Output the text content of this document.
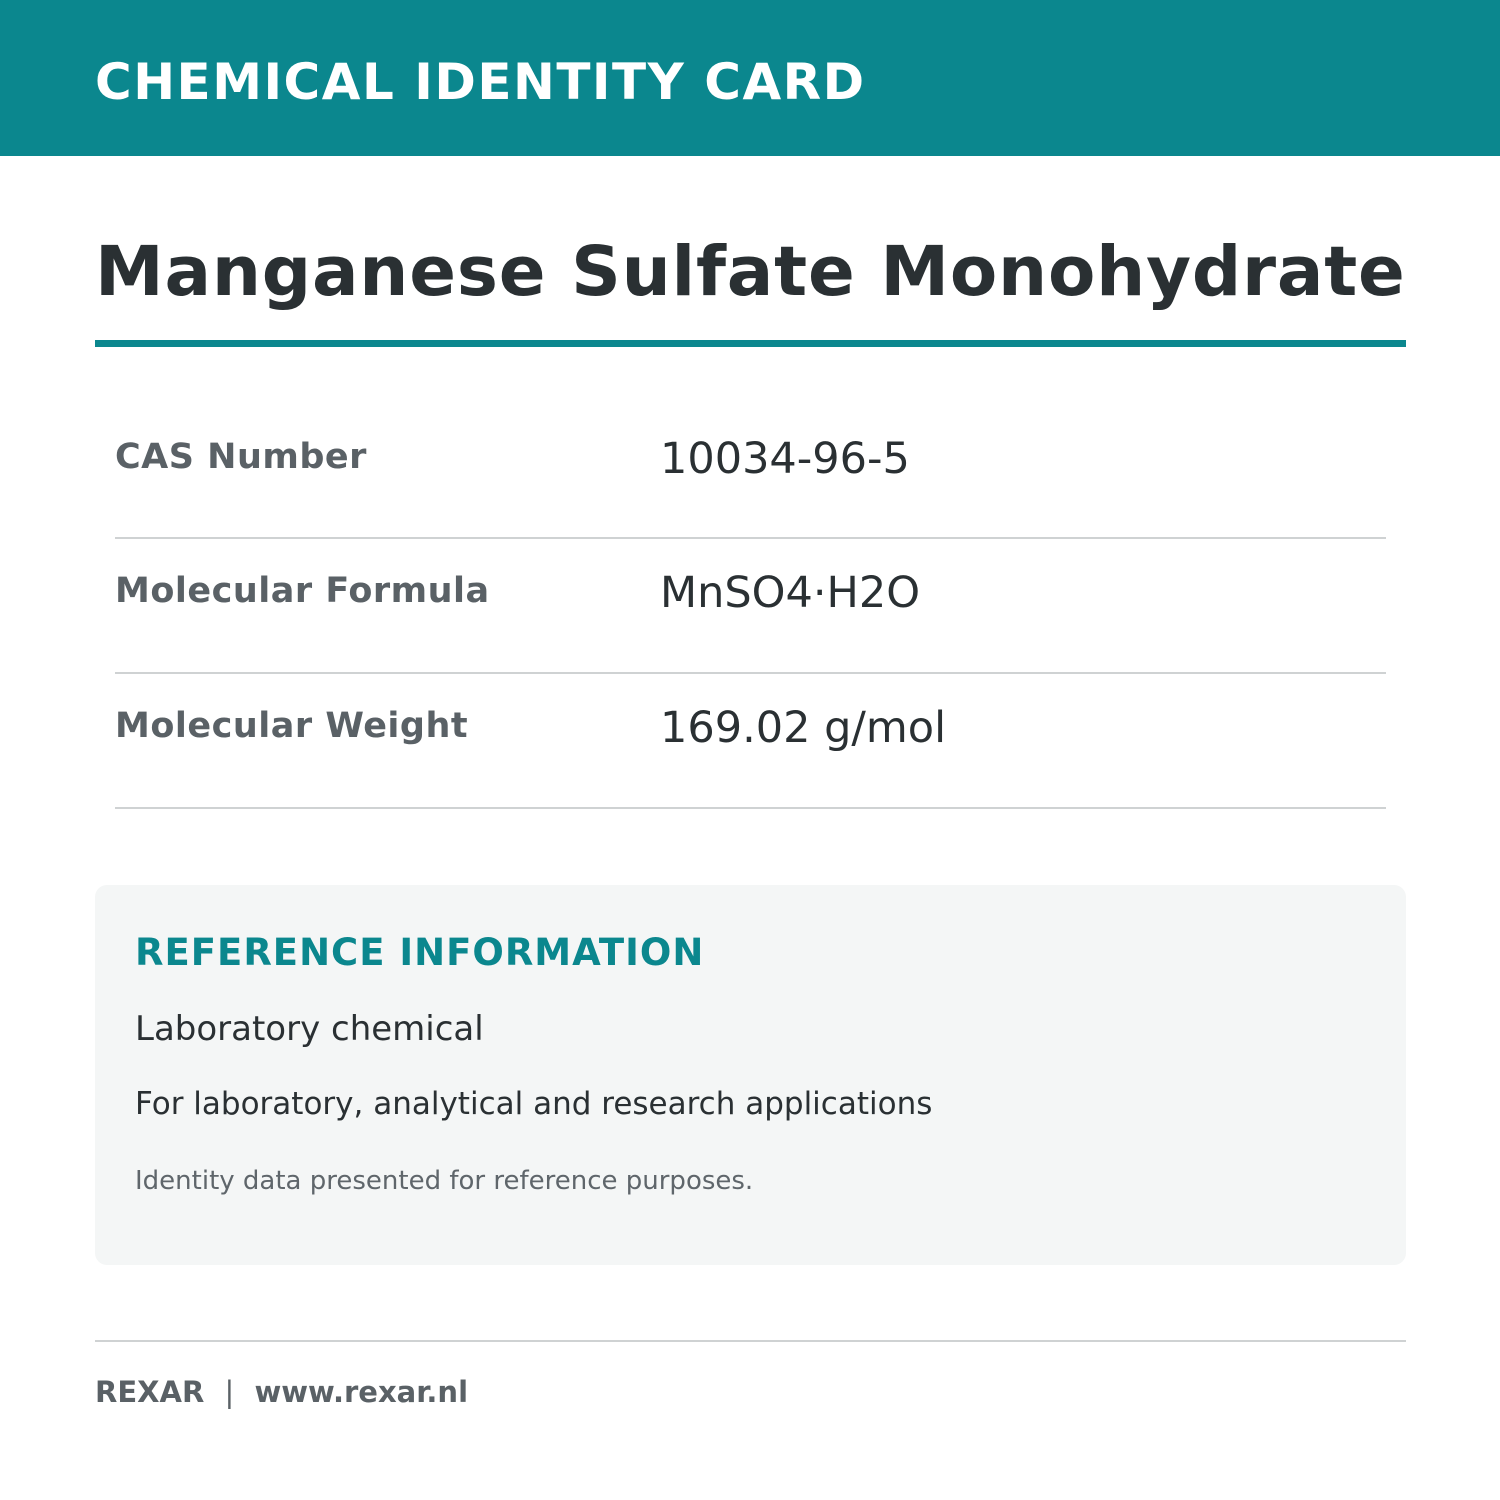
CHEMICAL IDENTITY CARD
Manganese Sulfate Monohydrate
CAS Number	10034-96-5
Molecular Formula	MnSO4·H2O
Molecular Weight	169.02 g/mol
REFERENCE INFORMATION
Laboratory chemical
For laboratory, analytical and research applications
Identity data presented for reference purposes.
REXAR | www.rexar.nl
